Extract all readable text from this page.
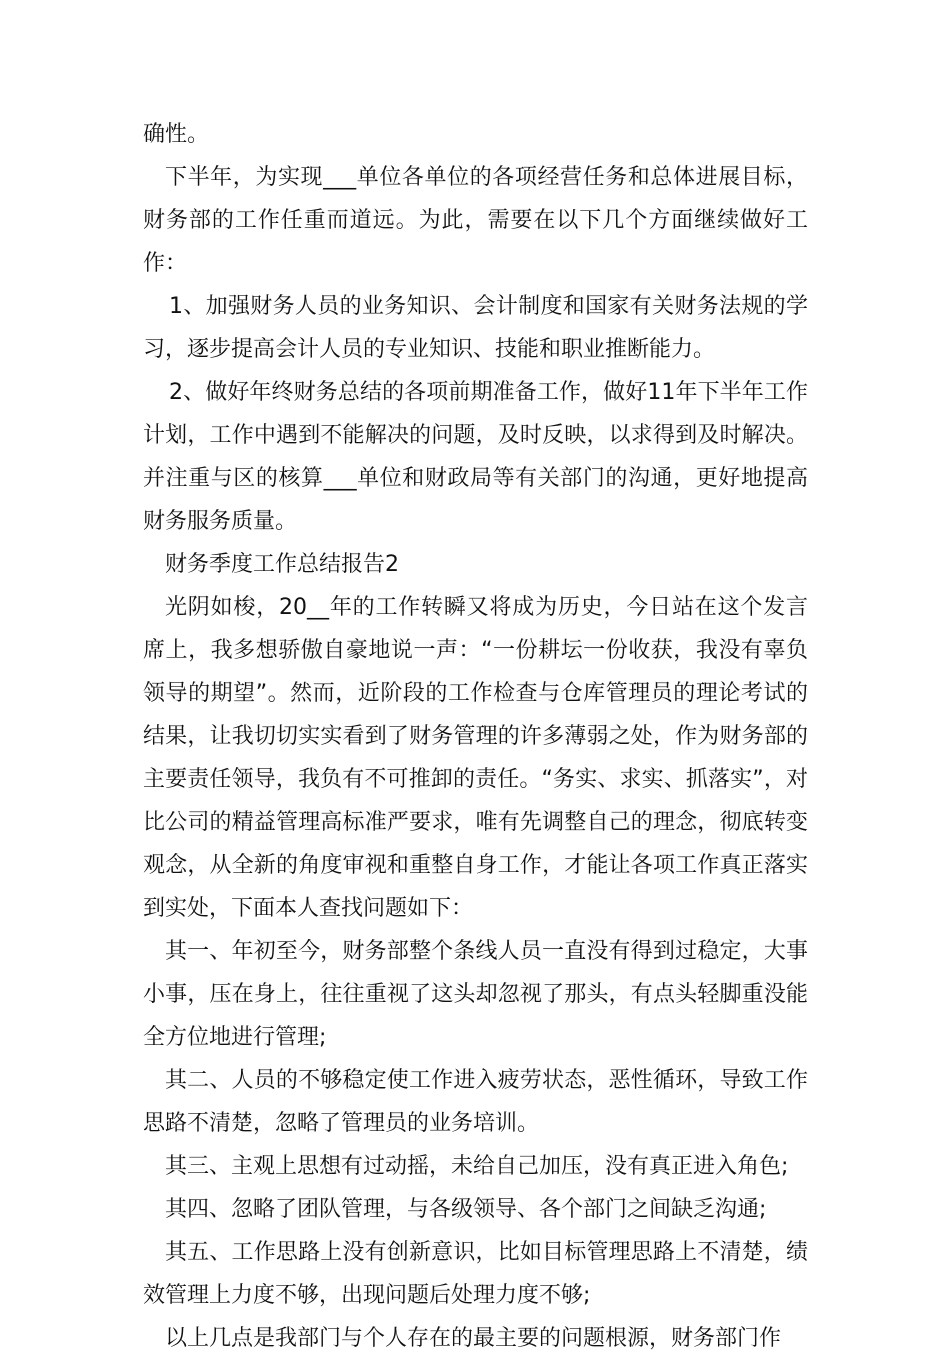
确性。

下半年，为实现___单位各单位的各项经营任务和总体进展目标，财务部的工作任重而道远。为此，需要在以下几个方面继续做好工作：

1、加强财务人员的业务知识、会计制度和国家有关财务法规的学习，逐步提高会计人员的专业知识、技能和职业推断能力。

2、做好年终财务总结的各项前期准备工作，做好11年下半年工作计划，工作中遇到不能解决的问题，及时反映，以求得到及时解决。并注重与区的核算___单位和财政局等有关部门的沟通，更好地提高财务服务质量。

财务季度工作总结报告2

光阴如梭，20__年的工作转瞬又将成为历史，今日站在这个发言席上，我多想骄傲自豪地说一声：“一份耕坛一份收获，我没有辜负领导的期望”。然而，近阶段的工作检查与仓库管理员的理论考试的结果，让我切切实实看到了财务管理的许多薄弱之处，作为财务部的主要责任领导，我负有不可推卸的责任。“务实、求实、抓落实”，对比公司的精益管理高标准严要求，唯有先调整自己的理念，彻底转变观念，从全新的角度审视和重整自身工作，才能让各项工作真正落实到实处，下面本人查找问题如下：

其一、年初至今，财务部整个条线人员一直没有得到过稳定，大事小事，压在身上，往往重视了这头却忽视了那头，有点头轻脚重没能全方位地进行管理;

其二、人员的不够稳定使工作进入疲劳状态，恶性循环，导致工作思路不清楚，忽略了管理员的业务培训。

其三、主观上思想有过动摇，未给自己加压，没有真正进入角色;

其四、忽略了团队管理，与各级领导、各个部门之间缺乏沟通;

其五、工作思路上没有创新意识，比如目标管理思路上不清楚，绩效管理上力度不够，出现问题后处理力度不够;

以上几点是我部门与个人存在的最主要的问题根源，财务部门作
